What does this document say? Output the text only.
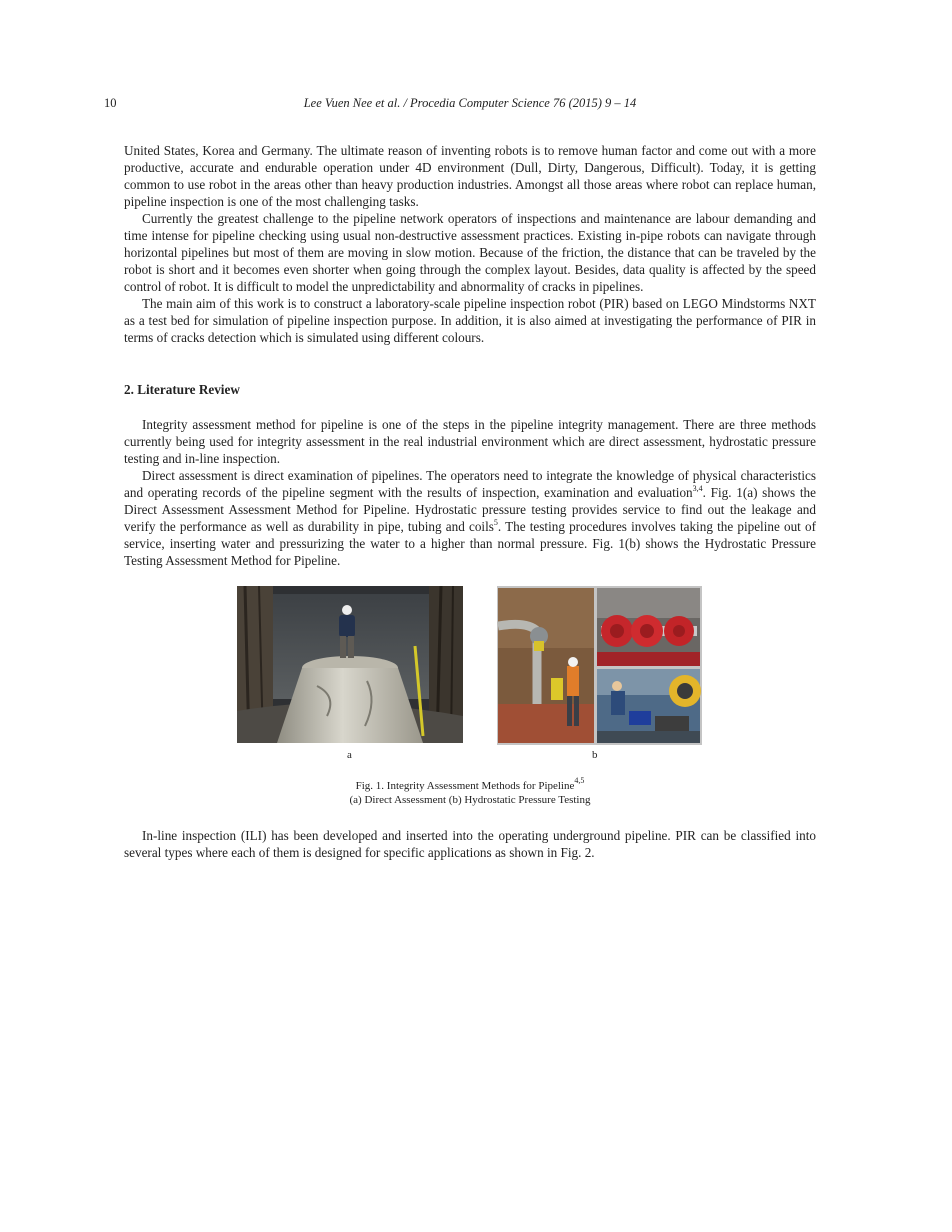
10	Lee Vuen Nee et al. / Procedia Computer Science 76 (2015) 9 – 14

United States, Korea and Germany. The ultimate reason of inventing robots is to remove human factor and come out with a more productive, accurate and endurable operation under 4D environment (Dull, Dirty, Dangerous, Difficult). Today, it is getting common to use robot in the areas other than heavy production industries. Amongst all those areas where robot can replace human, pipeline inspection is one of the most challenging tasks.

Currently the greatest challenge to the pipeline network operators of inspections and maintenance are labour demanding and time intense for pipeline checking using usual non-destructive assessment practices. Existing in-pipe robots can navigate through horizontal pipelines but most of them are moving in slow motion. Because of the friction, the distance that can be traveled by the robot is short and it becomes even shorter when going through the complex layout. Besides, data quality is affected by the speed control of robot. It is difficult to model the unpredictability and abnormality of cracks in pipelines.

The main aim of this work is to construct a laboratory-scale pipeline inspection robot (PIR) based on LEGO Mindstorms NXT as a test bed for simulation of pipeline inspection purpose. In addition, it is also aimed at investigating the performance of PIR in terms of cracks detection which is simulated using different colours.

2. Literature Review

Integrity assessment method for pipeline is one of the steps in the pipeline integrity management. There are three methods currently being used for integrity assessment in the real industrial environment which are direct assessment, hydrostatic pressure testing and in-line inspection.

Direct assessment is direct examination of pipelines. The operators need to integrate the knowledge of physical characteristics and operating records of the pipeline segment with the results of inspection, examination and evaluation$^{3,4}$. Fig. 1(a) shows the Direct Assessment Assessment Method for Pipeline. Hydrostatic pressure testing provides service to find out the leakage and verify the performance as well as durability in pipe, tubing and coils$^5$. The testing procedures involves taking the pipeline out of service, inserting water and pressurizing the water to a higher than normal pressure. Fig. 1(b) shows the Hydrostatic Pressure Testing Assessment Method for Pipeline.

a	b
Fig. 1. Integrity Assessment Methods for Pipeline$^{4,5}$
(a) Direct Assessment (b) Hydrostatic Pressure Testing

In-line inspection (ILI) has been developed and inserted into the operating underground pipeline. PIR can be classified into several types where each of them is designed for specific applications as shown in Fig. 2.
